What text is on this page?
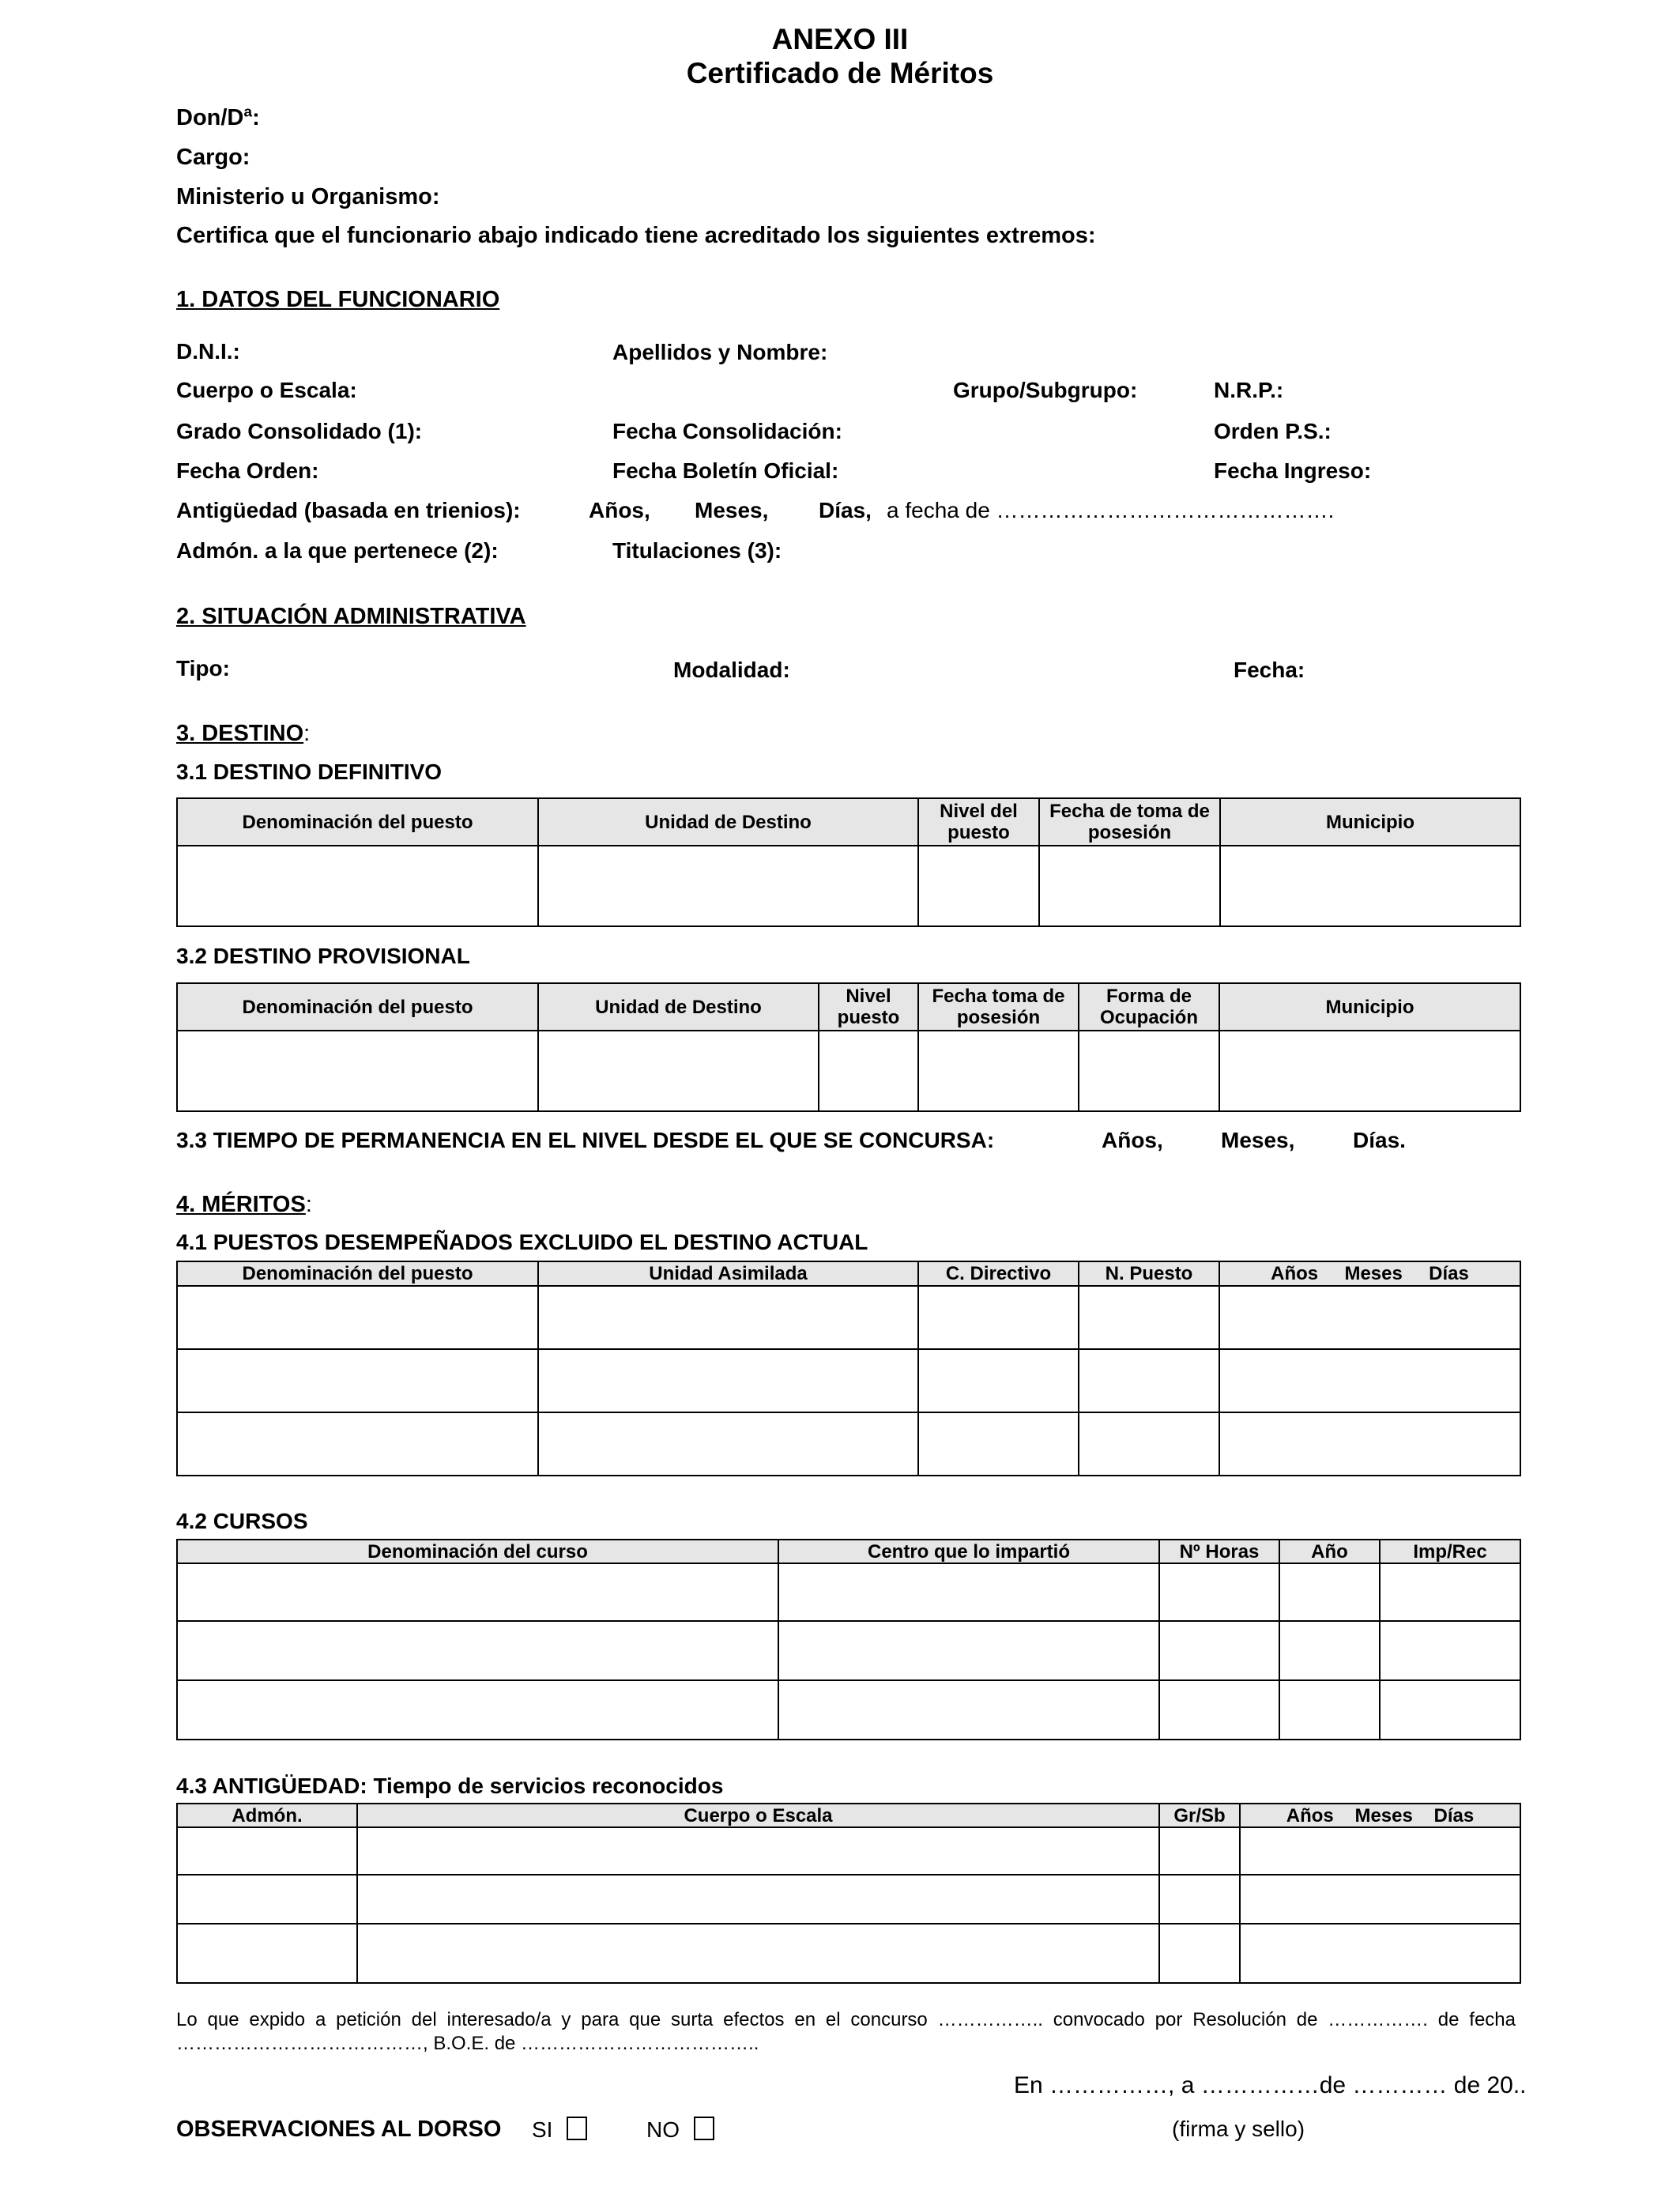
ANEXO III
Certificado de Méritos
Don/Dª:
Cargo:
Ministerio u Organismo:
Certifica que el funcionario abajo indicado tiene acreditado los siguientes extremos:
1. DATOS DEL FUNCIONARIO
D.N.I.:	Apellidos y Nombre:
Cuerpo o Escala:	Grupo/Subgrupo:	N.R.P.:
Grado Consolidado (1):	Fecha Consolidación:	Orden P.S.:
Fecha Orden:	Fecha Boletín Oficial:	Fecha Ingreso:
Antigüedad (basada en trienios):	Años, Meses, Días, a fecha de ……………………………………….
Admón. a la que pertenece (2):	Titulaciones (3):
2. SITUACIÓN ADMINISTRATIVA
Tipo:	Modalidad:	Fecha:
3. DESTINO:
3.1 DESTINO DEFINITIVO
Denominación del puesto	Unidad de Destino	Nivel del puesto	Fecha de toma de posesión	Municipio

3.2 DESTINO PROVISIONAL
Denominación del puesto	Unidad de Destino	Nivel puesto	Fecha toma de posesión	Forma de Ocupación	Municipio

3.3 TIEMPO DE PERMANENCIA EN EL NIVEL DESDE EL QUE SE CONCURSA:	Años,	Meses,	Días.
4. MÉRITOS:
4.1 PUESTOS DESEMPEÑADOS EXCLUIDO EL DESTINO ACTUAL
Denominación del puesto	Unidad Asimilada	C. Directivo	N. Puesto	Años     Meses     Días

4.2 CURSOS
Denominación del curso	Centro que lo impartió	Nº Horas	Año	Imp/Rec

4.3 ANTIGÜEDAD: Tiempo de servicios reconocidos
Admón.	Cuerpo o Escala	Gr/Sb	Años    Meses    Días

Lo que expido a petición del interesado/a y para que surta efectos en el concurso …………….. convocado por Resolución de ……………. de fecha
…………………………………, B.O.E. de ………………………………..
En ……………, a ……………de ………… de 20..
OBSERVACIONES AL DORSO SI	NO	(firma y sello)
